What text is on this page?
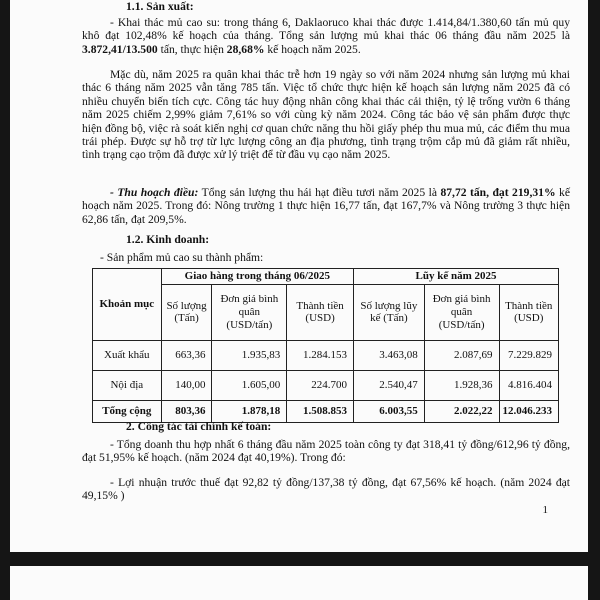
1.1. Sản xuất:

- Khai thác mủ cao su: trong tháng 6, Daklaoruco khai thác được 1.414,84/1.380,60 tấn mủ quy khô đạt 102,48% kế hoạch của tháng. Tổng sản lượng mủ khai thác 06 tháng đầu năm 2025 là 3.872,41/13.500 tấn, thực hiện 28,68% kế hoạch năm 2025.

Mặc dù, năm 2025 ra quân khai thác trễ hơn 19 ngày so với năm 2024 nhưng sản lượng mủ khai thác 6 tháng năm 2025 vẫn tăng 785 tấn. Việc tổ chức thực hiện kế hoạch sản lượng năm 2025 đã có nhiều chuyển biến tích cực. Công tác huy động nhân công khai thác cải thiện, tỷ lệ trống vườn 6 tháng năm 2025 chiếm 2,99% giảm 7,61% so với cùng kỳ năm 2024. Công tác bảo vệ sản phẩm được thực hiện đồng bộ, việc rà soát kiến nghị cơ quan chức năng thu hồi giấy phép thu mua mủ, các điểm thu mua trái phép. Được sự hỗ trợ từ lực lượng công an địa phương, tình trạng trộm cắp mủ đã giảm rất nhiều, tình trạng cạo trộm đã được xử lý triệt để từ đầu vụ cạo năm 2025.

- Thu hoạch điều: Tổng sản lượng thu hái hạt điều tươi năm 2025 là 87,72 tấn, đạt 219,31% kế hoạch năm 2025. Trong đó: Nông trường 1 thực hiện 16,77 tấn, đạt 167,7% và Nông trường 3 thực hiện 62,86 tấn, đạt 209,5%.

1.2. Kinh doanh:
- Sản phẩm mủ cao su thành phẩm:
Khoản mục	Giao hàng trong tháng 06/2025			Lũy kế năm 2025		
	Số lượng (Tấn)	Đơn giá bình quân (USD/tấn)	Thành tiền (USD)	Số lượng lũy kế (Tấn)	Đơn giá bình quân (USD/tấn)	Thành tiền (USD)
Xuất khẩu	663,36	1.935,83	1.284.153	3.463,08	2.087,69	7.229.829
Nội địa	140,00	1.605,00	224.700	2.540,47	1.928,36	4.816.404
Tổng cộng	803,36	1.878,18	1.508.853	6.003,55	2.022,22	12.046.233
2. Công tác tài chính kế toán:

- Tổng doanh thu hợp nhất 6 tháng đầu năm 2025 toàn công ty đạt 318,41 tỷ đồng/612,96 tỷ đồng, đạt 51,95% kế hoạch. (năm 2024 đạt 40,19%). Trong đó:

- Lợi nhuận trước thuế đạt 92,82 tỷ đồng/137,38 tỷ đồng, đạt 67,56% kế hoạch. (năm 2024 đạt 49,15% )

1
